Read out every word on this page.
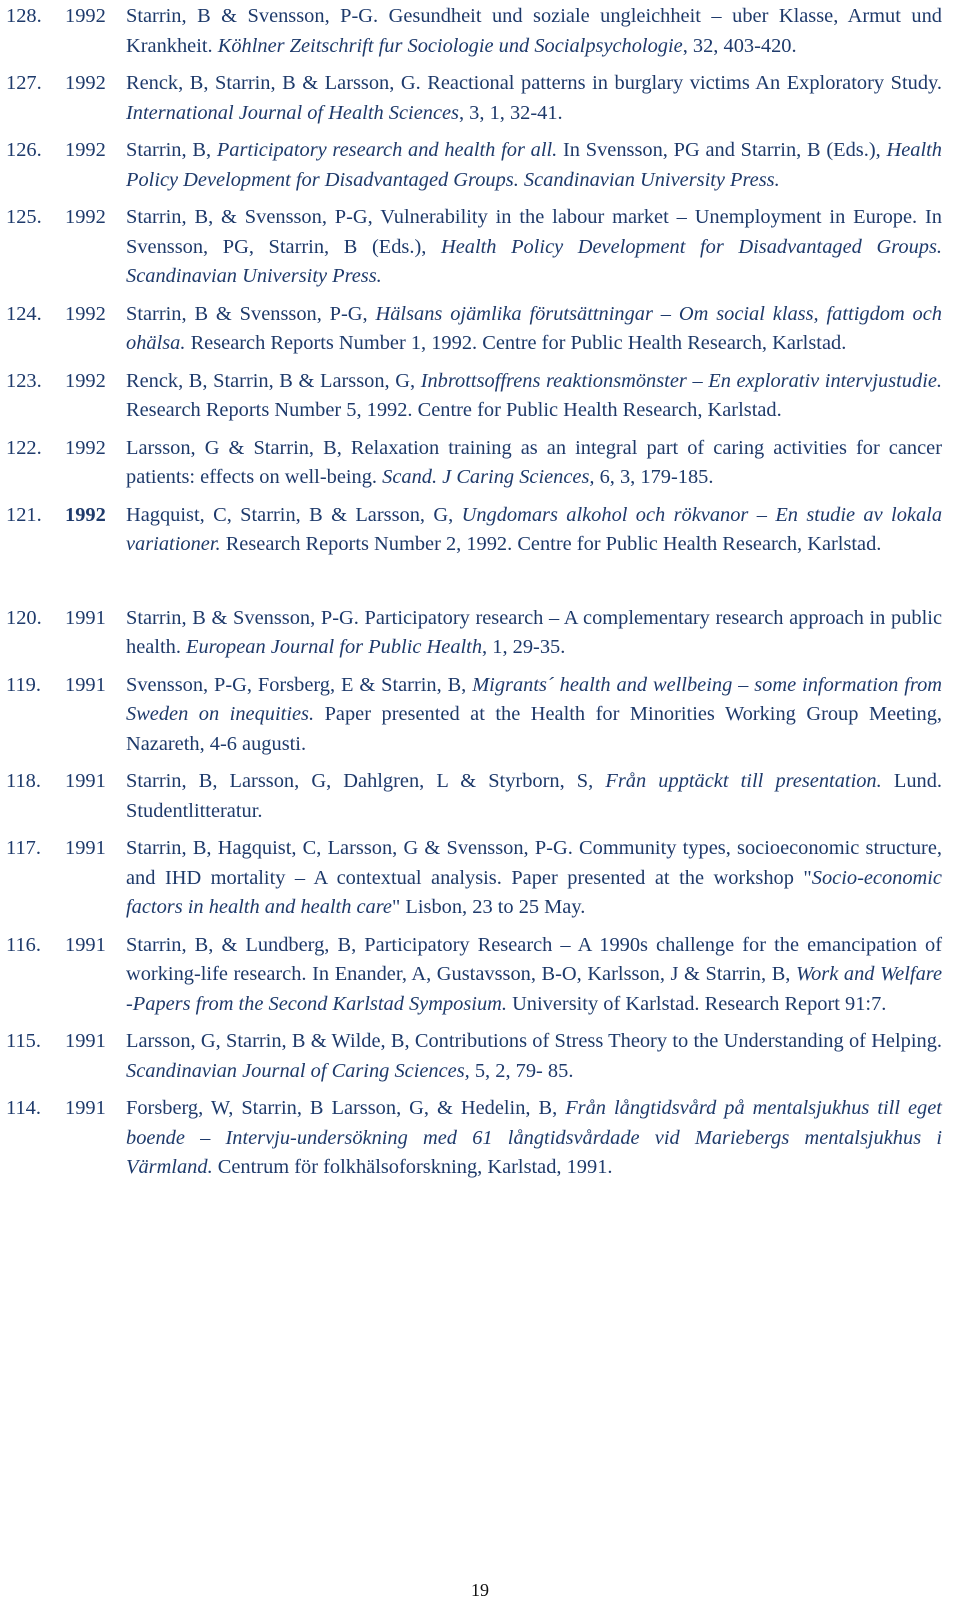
128.	1992 Starrin, B & Svensson, P-G. Gesundheit und soziale ungleichheit – uber Klasse, Armut und Krankheit. Köhlner Zeitschrift fur Sociologie und Socialpsychologie, 32, 403-420.
127.	1992 Renck, B, Starrin, B & Larsson, G. Reactional patterns in burglary victims An Exploratory Study. International Journal of Health Sciences, 3, 1, 32-41.
126.	1992 Starrin, B, Participatory research and health for all. In Svensson, PG and Starrin, B (Eds.), Health Policy Development for Disadvantaged Groups. Scandinavian University Press.
125.	1992 Starrin, B, & Svensson, P-G, Vulnerability in the labour market – Unemployment in Europe. In Svensson, PG, Starrin, B (Eds.), Health Policy Development for Disadvantaged Groups. Scandinavian University Press.
124.	1992 Starrin, B & Svensson, P-G, Hälsans ojämlika förutsättningar – Om social klass, fattigdom och ohälsa. Research Reports Number 1, 1992. Centre for Public Health Research, Karlstad.
123.	1992 Renck, B, Starrin, B & Larsson, G, Inbrottsoffrens reaktionsmönster – En explorativ intervjustudie. Research Reports Number 5, 1992. Centre for Public Health Research, Karlstad.
122.	1992 Larsson, G & Starrin, B, Relaxation training as an integral part of caring activities for cancer patients: effects on well-being. Scand. J Caring Sciences, 6, 3, 179-185.
121.	1992 Hagquist, C, Starrin, B & Larsson, G, Ungdomars alkohol och rökvanor – En studie av lokala variationer. Research Reports Number 2, 1992. Centre for Public Health Research, Karlstad.
120.	1991 Starrin, B & Svensson, P-G. Participatory research – A complementary research approach in public health. European Journal for Public Health, 1, 29-35.
119.	1991 Svensson, P-G, Forsberg, E & Starrin, B, Migrants´ health and wellbeing – some information from Sweden on inequities. Paper presented at the Health for Minorities Working Group Meeting, Nazareth, 4-6 augusti.
118.	1991 Starrin, B, Larsson, G, Dahlgren, L & Styrborn, S, Från upptäckt till presentation. Lund. Studentlitteratur.
117.	1991 Starrin, B, Hagquist, C, Larsson, G & Svensson, P-G. Community types, socioeconomic structure, and IHD mortality – A contextual analysis. Paper presented at the workshop "Socio-economic factors in health and health care" Lisbon, 23 to 25 May.
116.	1991 Starrin, B, & Lundberg, B, Participatory Research – A 1990s challenge for the emancipation of working-life research. In Enander, A, Gustavsson, B-O, Karlsson, J & Starrin, B, Work and Welfare -Papers from the Second Karlstad Symposium. University of Karlstad. Research Report 91:7.
115.	1991 Larsson, G, Starrin, B & Wilde, B, Contributions of Stress Theory to the Understanding of Helping. Scandinavian Journal of Caring Sciences, 5, 2, 79- 85.
114.	1991 Forsberg, W, Starrin, B Larsson, G, & Hedelin, B, Från långtidsvård på mentalsjukhus till eget boende – Intervju-undersökning med 61 långtidsvårdade vid Mariebergs mentalsjukhus i Värmland. Centrum för folkhälsoforskning, Karlstad, 1991.
19
